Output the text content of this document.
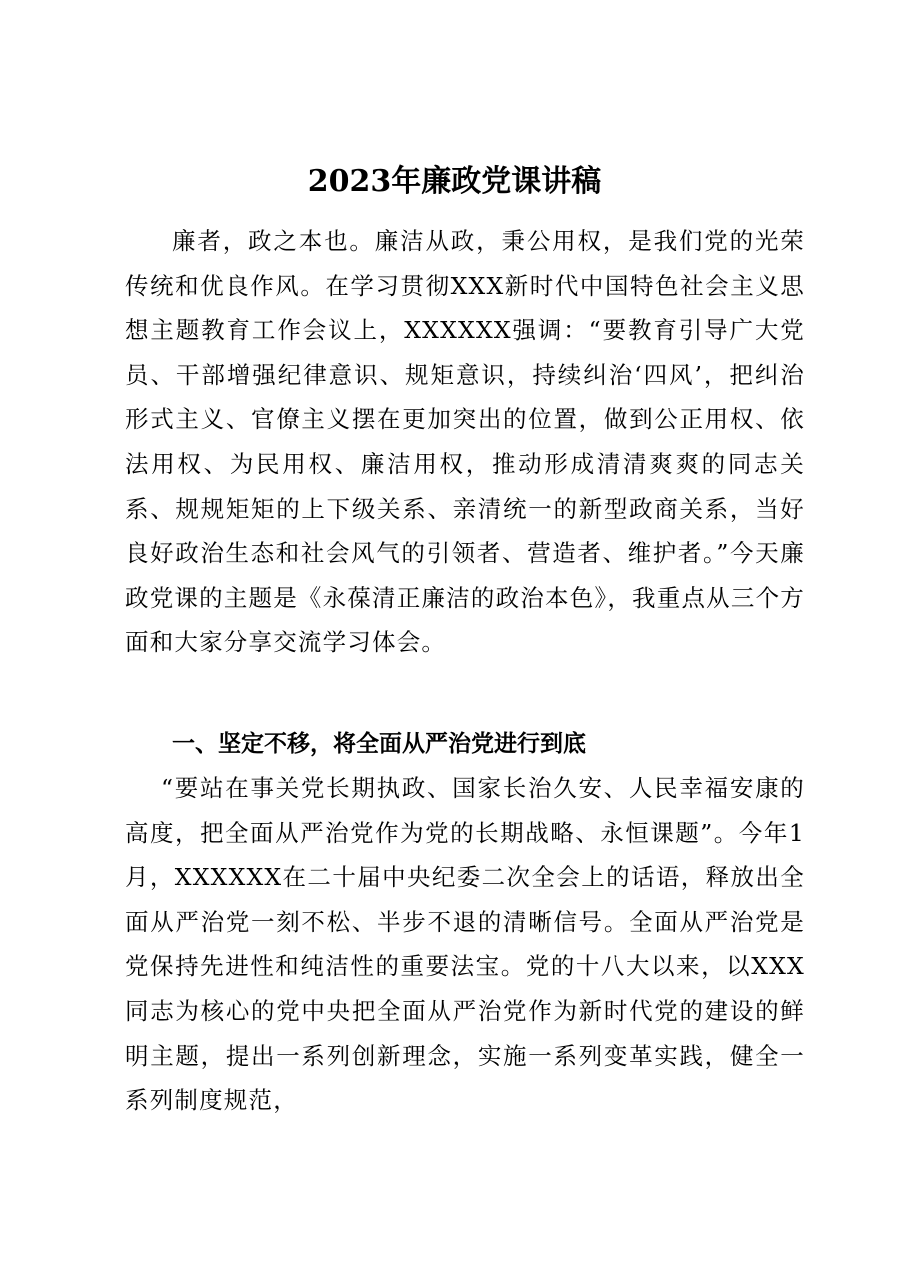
2023年廉政党课讲稿

廉者，政之本也。廉洁从政，秉公用权，是我们党的光荣传统和优良作风。在学习贯彻XXX新时代中国特色社会主义思想主题教育工作会议上，XXXXXX强调：“要教育引导广大党员、干部增强纪律意识、规矩意识，持续纠治‘四风’，把纠治形式主义、官僚主义摆在更加突出的位置，做到公正用权、依法用权、为民用权、廉洁用权，推动形成清清爽爽的同志关系、规规矩矩的上下级关系、亲清统一的新型政商关系，当好良好政治生态和社会风气的引领者、营造者、维护者。”今天廉政党课的主题是《永葆清正廉洁的政治本色》，我重点从三个方面和大家分享交流学习体会。

一、坚定不移，将全面从严治党进行到底

“要站在事关党长期执政、国家长治久安、人民幸福安康的高度，把全面从严治党作为党的长期战略、永恒课题”。今年1月，XXXXXX在二十届中央纪委二次全会上的话语，释放出全面从严治党一刻不松、半步不退的清晰信号。全面从严治党是党保持先进性和纯洁性的重要法宝。党的十八大以来，以XXX同志为核心的党中央把全面从严治党作为新时代党的建设的鲜明主题，提出一系列创新理念，实施一系列变革实践，健全一系列制度规范，
